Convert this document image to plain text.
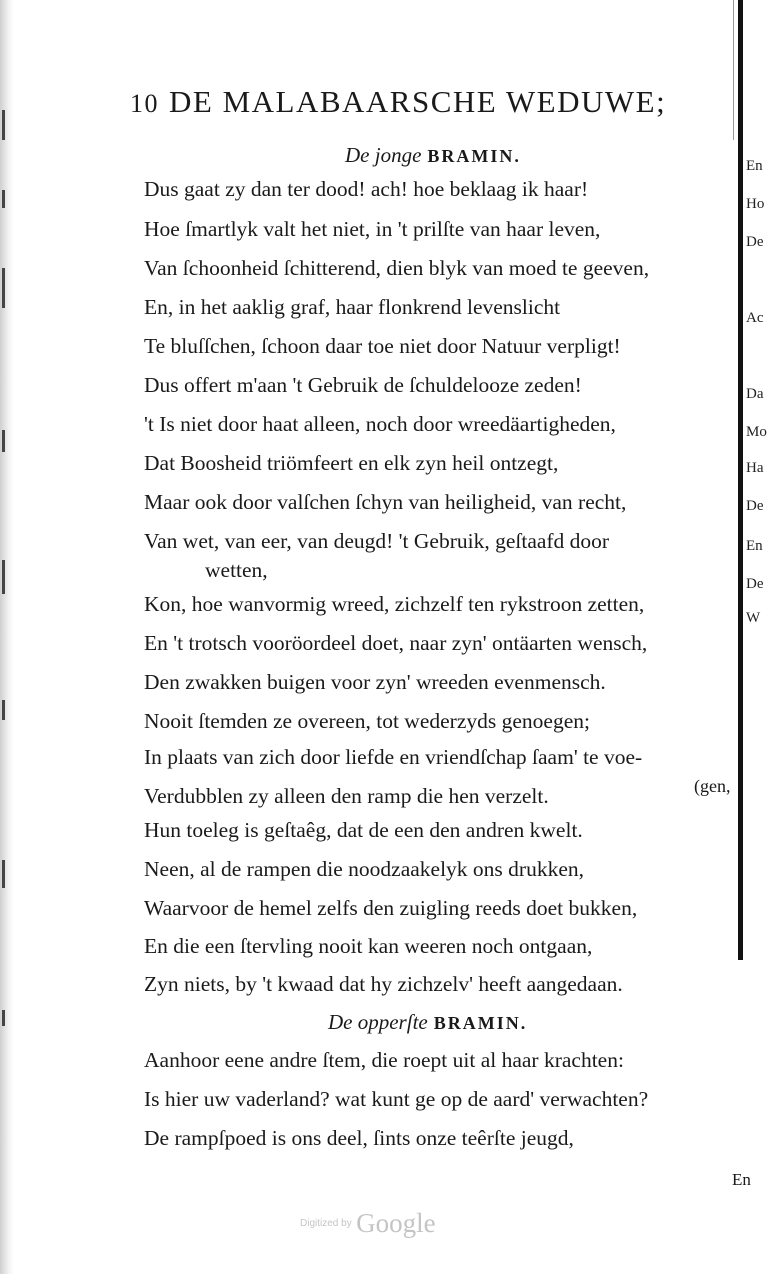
10 DE MALABAARSCHE WEDUWE;
De jonge BRAMIN.
Dus gaat zy dan ter dood! ach! hoe beklaag ik haar!
Hoe ſmartlyk valt het niet, in 't prilſte van haar leven,
Van ſchoonheid ſchitterend, dien blyk van moed te geeven,
En, in het aaklig graf, haar flonkrend levenslicht
Te bluſſchen, ſchoon daar toe niet door Natuur verpligt!
Dus offert m'aan 't Gebruik de ſchuldelooze zeden!
't Is niet door haat alleen, noch door wreedäartigheden,
Dat Boosheid triömfeert en elk zyn heil ontzegt,
Maar ook door valſchen ſchyn van heiligheid, van recht,
Van wet, van eer, van deugd! 't Gebruik, geſtaafd door
wetten,
Kon, hoe wanvormig wreed, zichzelf ten rykstroon zetten,
En 't trotsch vooröordeel doet, naar zyn' ontäarten wensch,
Den zwakken buigen voor zyn' wreeden evenmensch.
Nooit ſtemden ze overeen, tot wederzyds genoegen;
In plaats van zich door liefde en vriendſchap ſaam' te voe-
Verdubblen zy alleen den ramp die hen verzelt.
Hun toeleg is geſtaêg, dat de een den andren kwelt.
Neen, al de rampen die noodzaakelyk ons drukken,
Waarvoor de hemel zelfs den zuigling reeds doet bukken,
En die een ſtervling nooit kan weeren noch ontgaan,
Zyn niets, by 't kwaad dat hy zichzelv' heeft aangedaan.
(gen,
De opperſte BRAMIN.
Aanhoor eene andre ſtem, die roept uit al haar krachten:
Is hier uw vaderland? wat kunt ge op de aard' verwachten?
De rampſpoed is ons deel, ſints onze teêrſte jeugd,
En
En
Ho
De
Ac
Da
Mo
Ha
De
En
De
W
Digitized by Google
